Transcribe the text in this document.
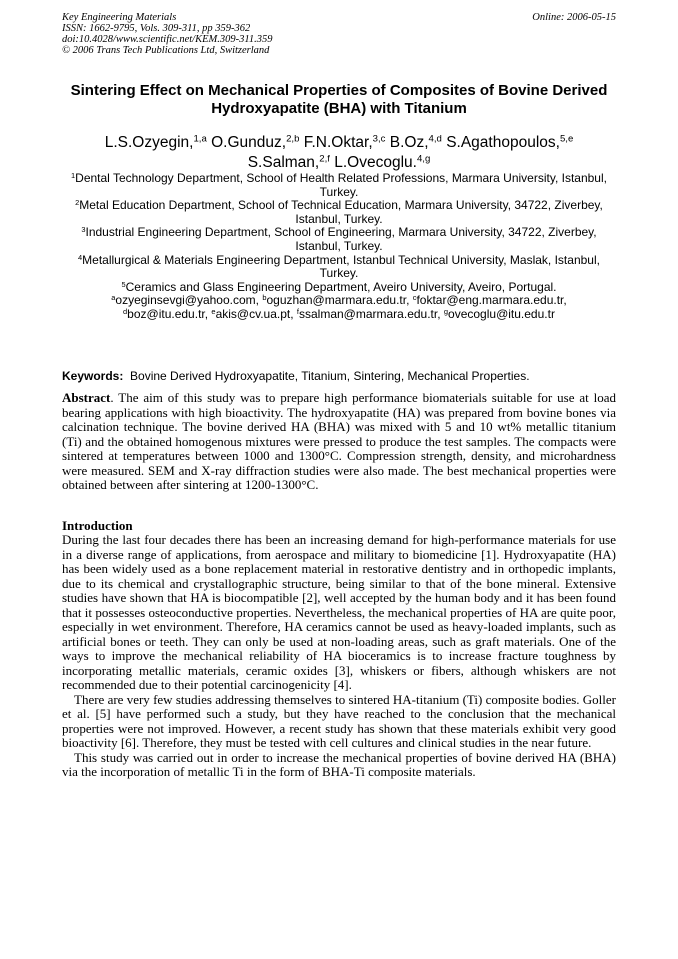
Key Engineering Materials
ISSN: 1662-9795, Vols. 309-311, pp 359-362
doi:10.4028/www.scientific.net/KEM.309-311.359
© 2006 Trans Tech Publications Ltd, Switzerland
Online: 2006-05-15
Sintering Effect on Mechanical Properties of Composites of Bovine Derived Hydroxyapatite (BHA) with Titanium
L.S.Ozyegin,$^{1,a}$ O.Gunduz,$^{2,b}$ F.N.Oktar,$^{3,c}$ B.Oz,$^{4,d}$ S.Agathopoulos,$^{5,e}$
S.Salman,$^{2,f}$ L.Ovecoglu.$^{4,g}$

$^1$Dental Technology Department, School of Health Related Professions, Marmara University, Istanbul, Turkey.

$^2$Metal Education Department, School of Technical Education, Marmara University, 34722, Ziverbey, Istanbul, Turkey.

$^3$Industrial Engineering Department, School of Engineering, Marmara University, 34722, Ziverbey, Istanbul, Turkey.

$^4$Metallurgical & Materials Engineering Department, Istanbul Technical University, Maslak, Istanbul, Turkey.

$^5$Ceramics and Glass Engineering Department, Aveiro University, Aveiro, Portugal.

$^a$ozyeginsevgi@yahoo.com, $^b$oguzhan@marmara.edu.tr, $^c$foktar@eng.marmara.edu.tr,
$^d$boz@itu.edu.tr, $^e$akis@cv.ua.pt, $^f$ssalman@marmara.edu.tr, $^g$ovecoglu@itu.edu.tr

Keywords: Bovine Derived Hydroxyapatite, Titanium, Sintering, Mechanical Properties.
Abstract. The aim of this study was to prepare high performance biomaterials suitable for use at load bearing applications with high bioactivity. The hydroxyapatite (HA) was prepared from bovine bones via calcination technique. The bovine derived HA (BHA) was mixed with 5 and 10 wt% metallic titanium (Ti) and the obtained homogenous mixtures were pressed to produce the test samples. The compacts were sintered at temperatures between 1000 and 1300°C. Compression strength, density, and microhardness were measured. SEM and X-ray diffraction studies were also made. The best mechanical properties were obtained between after sintering at 1200-1300°C.
Introduction

During the last four decades there has been an increasing demand for high-performance materials for use in a diverse range of applications, from aerospace and military to biomedicine [1]. Hydroxyapatite (HA) has been widely used as a bone replacement material in restorative dentistry and in orthopedic implants, due to its chemical and crystallographic structure, being similar to that of the bone mineral. Extensive studies have shown that HA is biocompatible [2], well accepted by the human body and it has been found that it possesses osteoconductive properties. Nevertheless, the mechanical properties of HA are quite poor, especially in wet environment. Therefore, HA ceramics cannot be used as heavy-loaded implants, such as artificial bones or teeth. They can only be used at non-loading areas, such as graft materials. One of the ways to improve the mechanical reliability of HA bioceramics is to increase fracture toughness by incorporating metallic materials, ceramic oxides [3], whiskers or fibers, although whiskers are not recommended due to their potential carcinogenicity [4].

There are very few studies addressing themselves to sintered HA-titanium (Ti) composite bodies. Goller et al. [5] have performed such a study, but they have reached to the conclusion that the mechanical properties were not improved. However, a recent study has shown that these materials exhibit very good bioactivity [6]. Therefore, they must be tested with cell cultures and clinical studies in the near future.

This study was carried out in order to increase the mechanical properties of bovine derived HA (BHA) via the incorporation of metallic Ti in the form of BHA-Ti composite materials.
